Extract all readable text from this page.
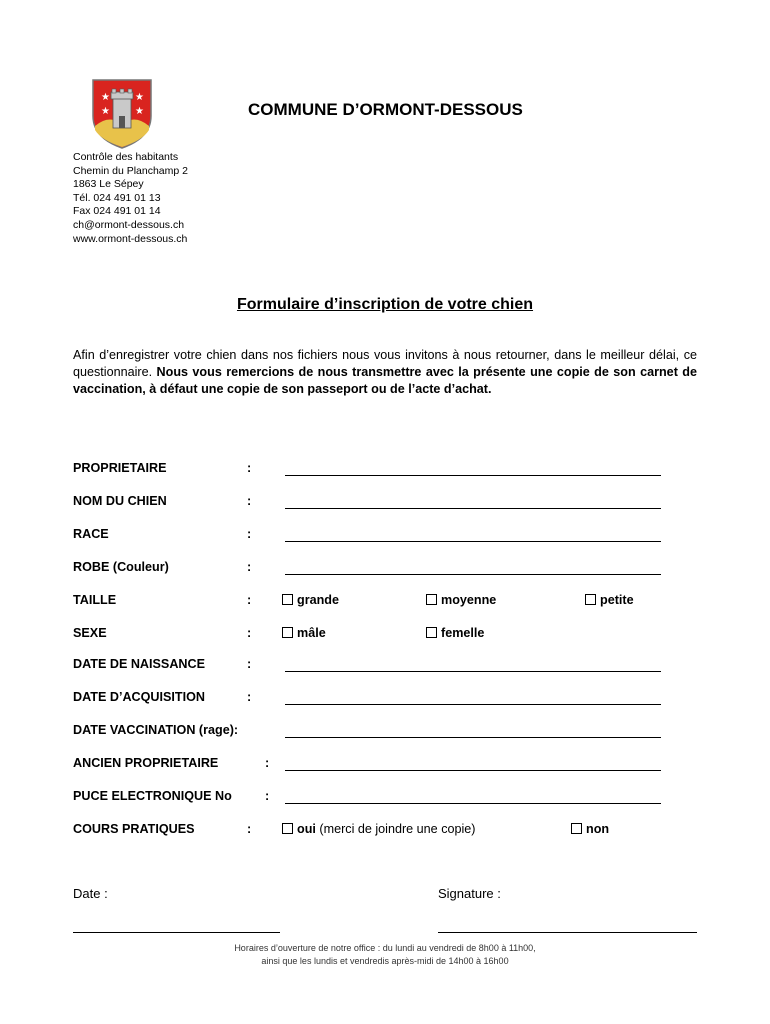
★	★
★	★	COMMUNE D’ORMONT-DESSOUS
Contrôle des habitants
Chemin du Planchamp 2
1863 Le Sépey
Tél. 024 491 01 13
Fax 024 491 01 14
ch@ormont-dessous.ch
www.ormont-dessous.ch
Formulaire d’inscription de votre chien
Afin d’enregistrer votre chien dans nos fichiers nous vous invitons à nous retourner, dans le meilleur délai, ce questionnaire. Nous vous remercions de nous transmettre avec la présente une copie de son carnet de vaccination, à défaut une copie de son passeport ou de l’acte d’achat.
PROPRIETAIRE	:
NOM DU CHIEN	:
RACE	:
ROBE (Couleur)	:
TAILLE	:	grande	moyenne	petite
SEXE	:	mâle	femelle
DATE DE NAISSANCE	:
DATE D’ACQUISITION	:
DATE VACCINATION (rage):
ANCIEN PROPRIETAIRE	:
PUCE ELECTRONIQUE No	:
COURS PRATIQUES	:	oui (merci de joindre une copie)	non
Date :	Signature :
Horaires d’ouverture de notre office : du lundi au vendredi de 8h00 à 11h00,
ainsi que les lundis et vendredis après-midi de 14h00 à 16h00
